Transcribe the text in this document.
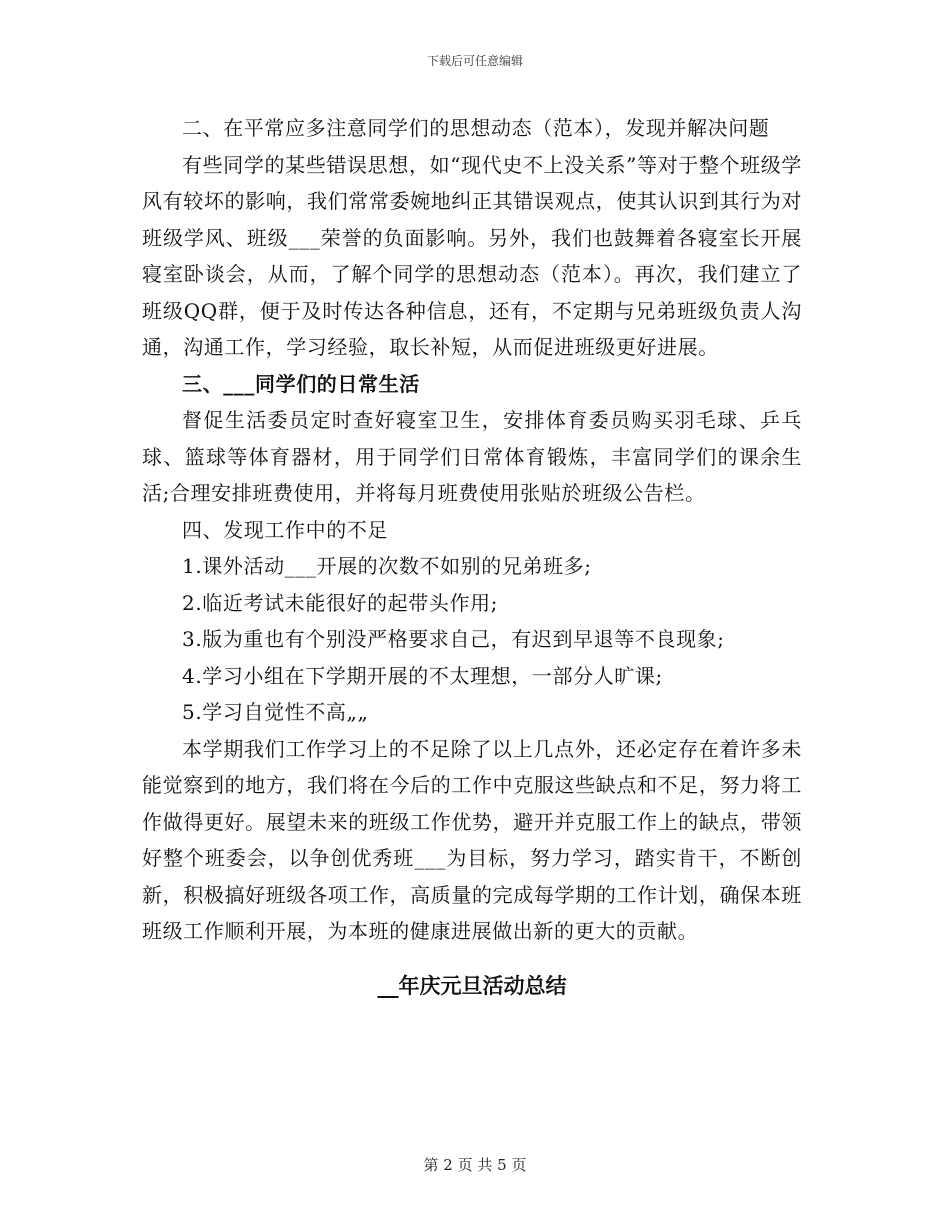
下载后可任意编辑

二、在平常应多注意同学们的思想动态（范本），发现并解决问题

有些同学的某些错误思想，如“现代史不上没关系”等对于整个班级学风有较坏的影响，我们常常委婉地纠正其错误观点，使其认识到其行为对班级学风、班级___荣誉的负面影响。另外，我们也鼓舞着各寝室长开展寝室卧谈会，从而，了解个同学的思想动态（范本）。再次，我们建立了班级QQ群，便于及时传达各种信息，还有，不定期与兄弟班级负责人沟通，沟通工作，学习经验，取长补短，从而促进班级更好进展。

三、___同学们的日常生活

督促生活委员定时查好寝室卫生，安排体育委员购买羽毛球、乒乓球、篮球等体育器材，用于同学们日常体育锻炼，丰富同学们的课余生活;合理安排班费使用，并将每月班费使用张贴於班级公告栏。

四、发现工作中的不足

1.课外活动___开展的次数不如别的兄弟班多;

2.临近考试未能很好的起带头作用;

3.版为重也有个别没严格要求自己，有迟到早退等不良现象;

4.学习小组在下学期开展的不太理想，一部分人旷课;

5.学习自觉性不高„„

本学期我们工作学习上的不足除了以上几点外，还必定存在着许多未能觉察到的地方，我们将在今后的工作中克服这些缺点和不足，努力将工作做得更好。展望未来的班级工作优势，避开并克服工作上的缺点，带领好整个班委会，以争创优秀班___为目标，努力学习，踏实肯干，不断创新，积极搞好班级各项工作，高质量的完成每学期的工作计划，确保本班班级工作顺利开展，为本班的健康进展做出新的更大的贡献。

__年庆元旦活动总结

第 2 页 共 5 页
